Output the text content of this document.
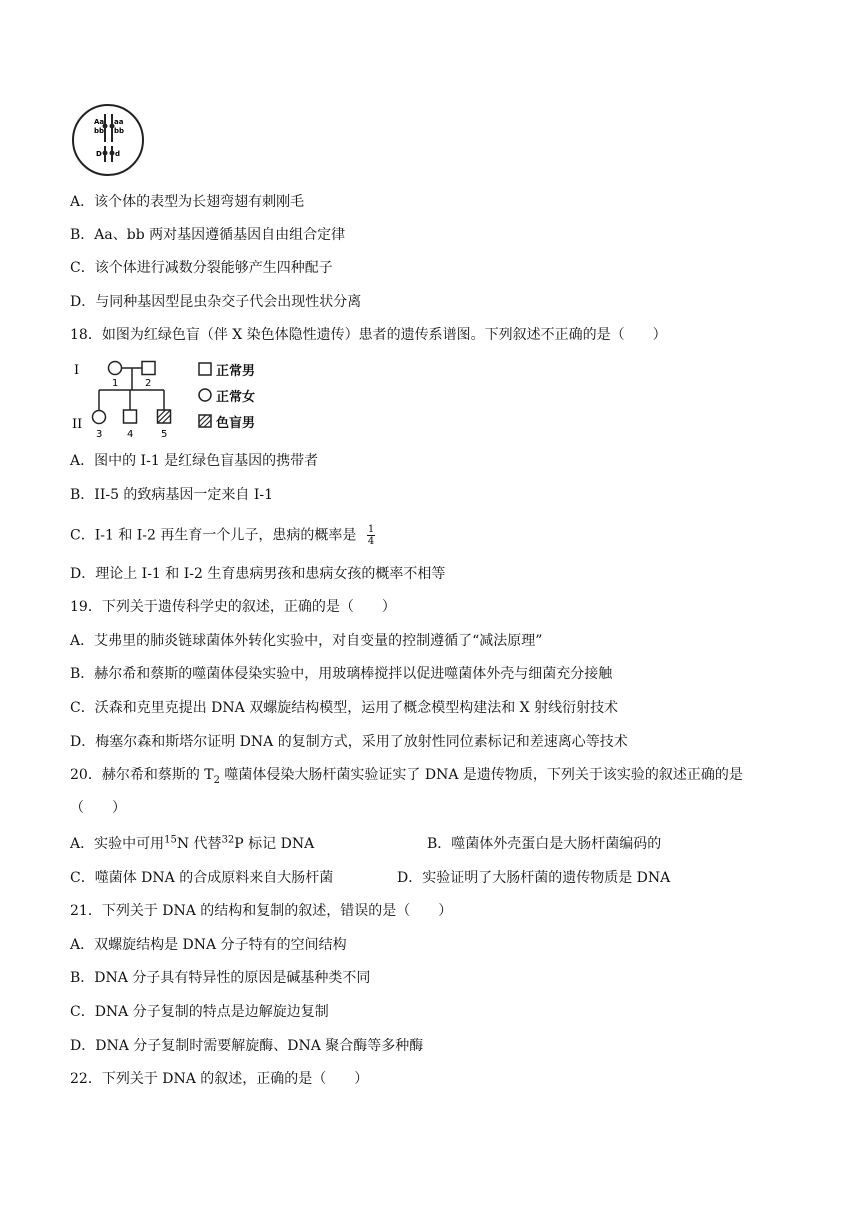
Aa
bb
aa
bb
D d
A．该个体的表型为长翅弯翅有刺刚毛
B．Aa、bb 两对基因遵循基因自由组合定律
C．该个体进行减数分裂能够产生四种配子
D．与同种基因型昆虫杂交子代会出现性状分离
18．如图为红绿色盲（伴 X 染色体隐性遗传）患者的遗传系谱图。下列叙述不正确的是（　　）
I
II
1	2
3 4	5
正常男
正常女
色盲男
A．图中的 I-1 是红绿色盲基因的携带者
B．II-5 的致病基因一定来自 I-1
C．I-1 和 I-2 再生育一个儿子，患病的概率是 $\frac{1}{4}$
D．理论上 I-1 和 I-2 生育患病男孩和患病女孩的概率不相等
19．下列关于遗传科学史的叙述，正确的是（　　）
A．艾弗里的肺炎链球菌体外转化实验中，对自变量的控制遵循了“减法原理”
B．赫尔希和蔡斯的噬菌体侵染实验中，用玻璃棒搅拌以促进噬菌体外壳与细菌充分接触
C．沃森和克里克提出 DNA 双螺旋结构模型，运用了概念模型构建法和 X 射线衍射技术
D．梅塞尔森和斯塔尔证明 DNA 的复制方式，采用了放射性同位素标记和差速离心等技术
20．赫尔希和蔡斯的 $T_2$ 噬菌体侵染大肠杆菌实验证实了 DNA 是遗传物质，下列关于该实验的叙述正确的是
（　　）
A．实验中可用$^{15}$N 代替$^{32}$P 标记 DNA	B．噬菌体外壳蛋白是大肠杆菌编码的
C．噬菌体 DNA 的合成原料来自大肠杆菌	D．实验证明了大肠杆菌的遗传物质是 DNA
21．下列关于 DNA 的结构和复制的叙述，错误的是（　　）
A．双螺旋结构是 DNA 分子特有的空间结构
B．DNA 分子具有特异性的原因是碱基种类不同
C．DNA 分子复制的特点是边解旋边复制
D．DNA 分子复制时需要解旋酶、DNA 聚合酶等多种酶
22．下列关于 DNA 的叙述，正确的是（　　）
